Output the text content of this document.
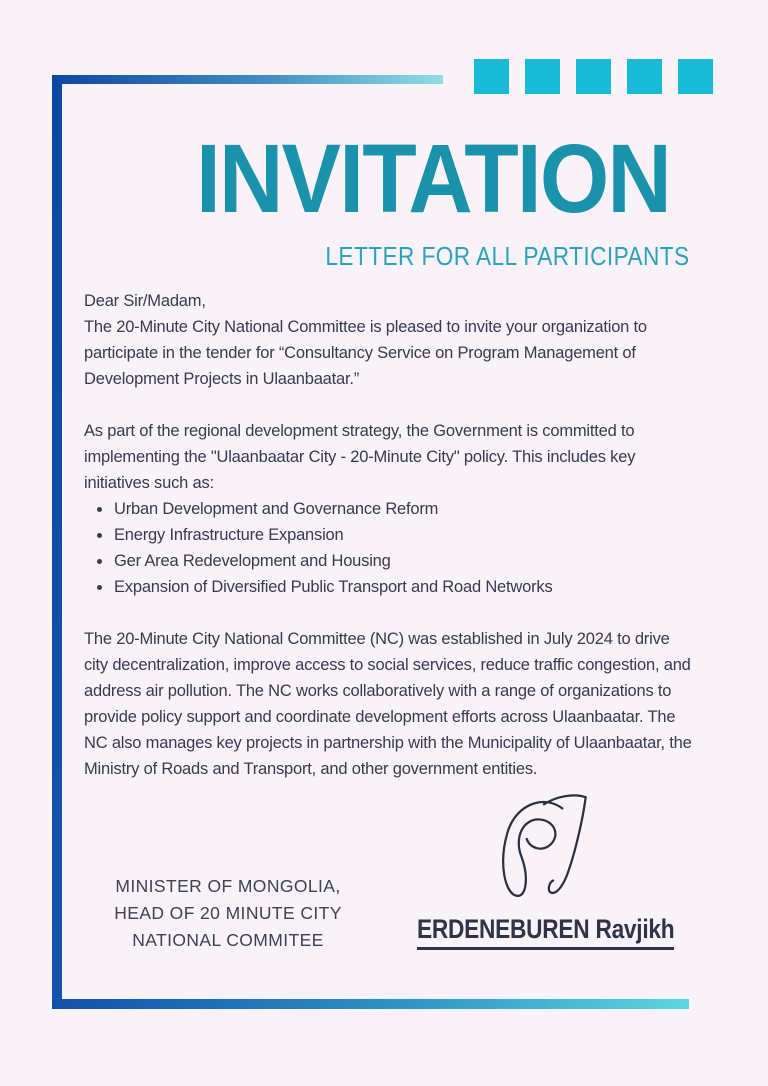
INVITATION
LETTER FOR ALL PARTICIPANTS

Dear Sir/Madam,

The 20-Minute City National Committee is pleased to invite your organization to participate in the tender for “Consultancy Service on Program Management of Development Projects in Ulaanbaatar.”

As part of the regional development strategy, the Government is committed to implementing the "Ulaanbaatar City - 20-Minute City" policy. This includes key initiatives such as:

Urban Development and Governance Reform
Energy Infrastructure Expansion
Ger Area Redevelopment and Housing
Expansion of Diversified Public Transport and Road Networks

The 20-Minute City National Committee (NC) was established in July 2024 to drive city decentralization, improve access to social services, reduce traffic congestion, and address air pollution. The NC works collaboratively with a range of organizations to provide policy support and coordinate development efforts across Ulaanbaatar. The NC also manages key projects in partnership with the Municipality of Ulaanbaatar, the Ministry of Roads and Transport, and other government entities.

MINISTER OF MONGOLIA,
HEAD OF 20 MINUTE CITY
NATIONAL COMMITEE	ERDENEBUREN Ravjikh
